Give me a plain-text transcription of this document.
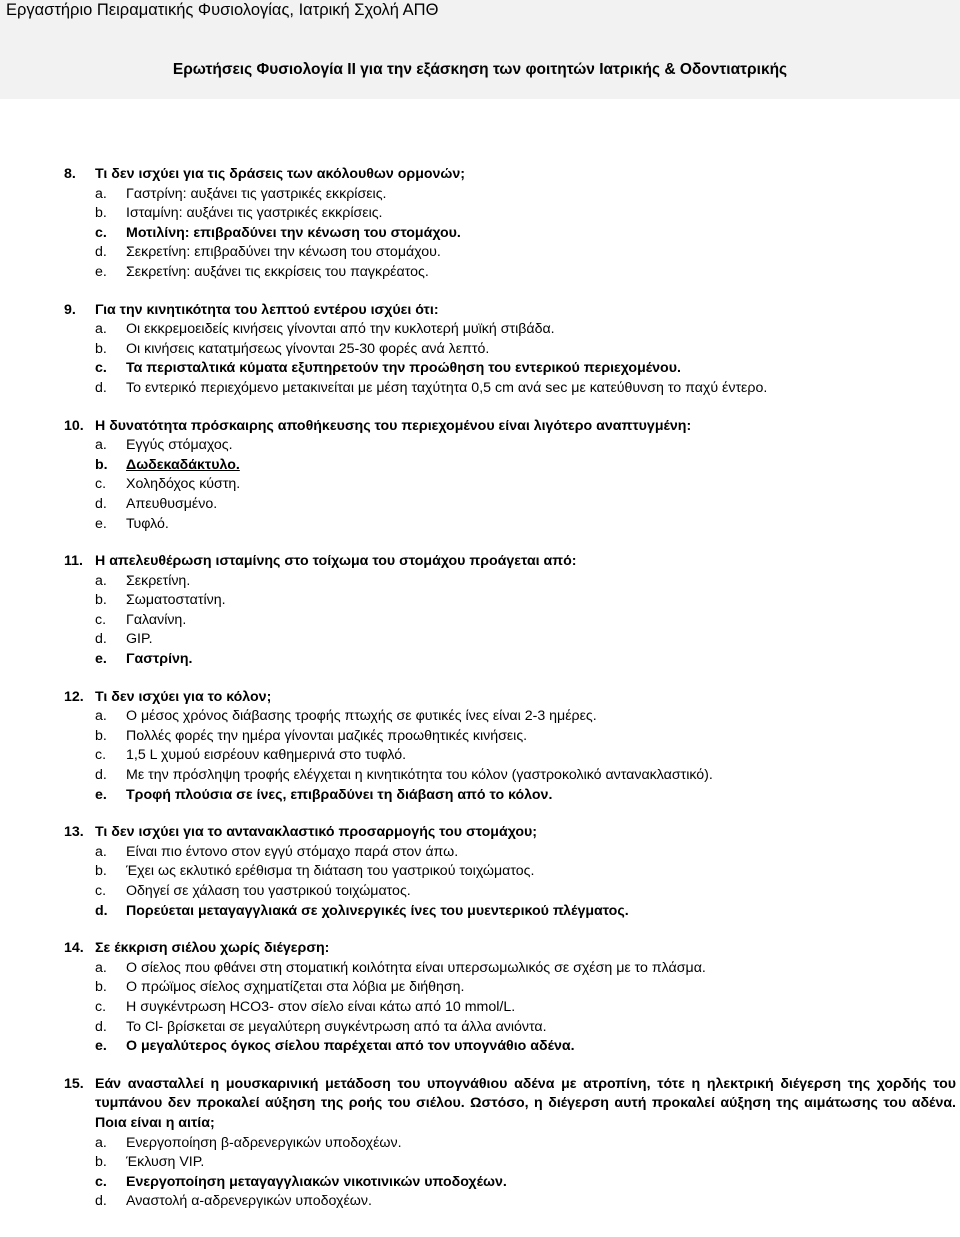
Εργαστήριο Πειραματικής Φυσιολογίας, Ιατρική Σχολή ΑΠΘ
Ερωτήσεις Φυσιολογία ΙΙ για την εξάσκηση των φοιτητών Ιατρικής & Οδοντιατρικής
8.	Τι δεν ισχύει για τις δράσεις των ακόλουθων ορμονών;
a.	Γαστρίνη: αυξάνει τις γαστρικές εκκρίσεις.
b.	Ισταμίνη: αυξάνει τις γαστρικές εκκρίσεις.
c.	Μοτιλίνη: επιβραδύνει την κένωση του στομάχου.
d.	Σεκρετίνη: επιβραδύνει την κένωση του στομάχου.
e.	Σεκρετίνη: αυξάνει τις εκκρίσεις του παγκρέατος.
9.	Για την κινητικότητα του λεπτού εντέρου ισχύει ότι:
a.	Οι εκκρεμοειδείς κινήσεις γίνονται από την κυκλοτερή μυϊκή στιβάδα.
b.	Οι κινήσεις κατατμήσεως γίνονται 25-30 φορές ανά λεπτό.
c.	Τα περισταλτικά κύματα εξυπηρετούν την προώθηση του εντερικού περιεχομένου.
d.	Το εντερικό περιεχόμενο μετακινείται με μέση ταχύτητα 0,5 cm ανά sec με κατεύθυνση το παχύ έντερο.
10. Η δυνατότητα πρόσκαιρης αποθήκευσης του περιεχομένου είναι λιγότερο αναπτυγμένη:
a.	Εγγύς στόμαχος.
b.	Δωδεκαδάκτυλο.
c.	Χοληδόχος κύστη.
d.	Απευθυσμένο.
e.	Τυφλό.
11. Η απελευθέρωση ισταμίνης στο τοίχωμα του στομάχου προάγεται από:
a.	Σεκρετίνη.
b.	Σωματοστατίνη.
c.	Γαλανίνη.
d.	GIP.
e.	Γαστρίνη.
12. Τι δεν ισχύει για το κόλον;
a.	Ο μέσος χρόνος διάβασης τροφής πτωχής σε φυτικές ίνες είναι 2-3 ημέρες.
b.	Πολλές φορές την ημέρα γίνονται μαζικές προωθητικές κινήσεις.
c.	1,5 L χυμού εισρέουν καθημερινά στο τυφλό.
d.	Με την πρόσληψη τροφής ελέγχεται η κινητικότητα του κόλον (γαστροκολικό αντανακλαστικό).
e.	Τροφή πλούσια σε ίνες, επιβραδύνει τη διάβαση από το κόλον.
13. Τι δεν ισχύει για το αντανακλαστικό προσαρμογής του στομάχου;
a.	Είναι πιο έντονο στον εγγύ στόμαχο παρά στον άπω.
b.	Έχει ως εκλυτικό ερέθισμα τη διάταση του γαστρικού τοιχώματος.
c.	Οδηγεί σε χάλαση του γαστρικού τοιχώματος.
d.	Πορεύεται μεταγαγγλιακά σε χολινεργικές ίνες του μυεντερικού πλέγματος.
14. Σε έκκριση σιέλου χωρίς διέγερση:
a.	Ο σίελος που φθάνει στη στοματική κοιλότητα είναι υπερσωμωλικός σε σχέση με το πλάσμα.
b.	Ο πρώϊμος σίελος σχηματίζεται στα λόβια με διήθηση.
c.	Η συγκέντρωση HCO3- στον σίελο είναι κάτω από 10 mmol/L.
d.	Το Cl- βρίσκεται σε μεγαλύτερη συγκέντρωση από τα άλλα ανιόντα.
e.	Ο μεγαλύτερος όγκος σίελου παρέχεται από τον υπογνάθιο αδένα.
15. Εάν ανασταλλεί η μουσκαρινική μετάδοση του υπογνάθιου αδένα με ατροπίνη, τότε η ηλεκτρική διέγερση της χορδής του τυμπάνου δεν προκαλεί αύξηση της ροής του σιέλου. Ωστόσο, η διέγερση αυτή προκαλεί αύξηση της αιμάτωσης του αδένα. Ποια είναι η αιτία;
a.	Ενεργοποίηση β-αδρενεργικών υποδοχέων.
b.	Έκλυση VIP.
c.	Ενεργοποίηση μεταγαγγλιακών νικοτινικών υποδοχέων.
d.	Αναστολή α-αδρενεργικών υποδοχέων.
